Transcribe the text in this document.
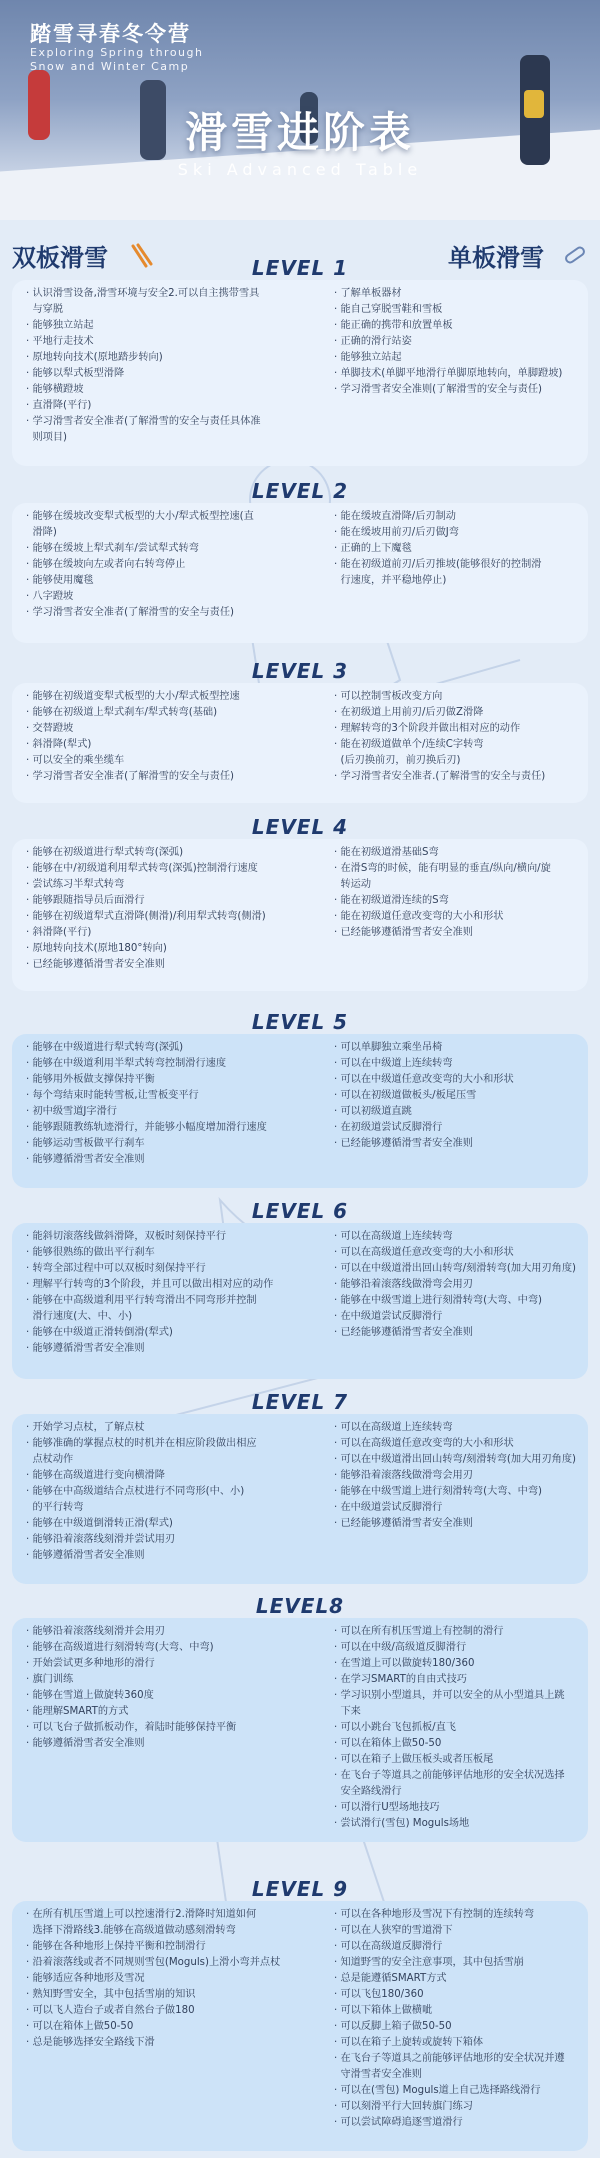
踏雪寻春冬令营
Exploring Spring through
Snow and Winter Camp
滑雪进阶表
Ski Advanced Table
双板滑雪	单板滑雪
LEVEL 1

· 认识滑雪设备,滑雪环境与安全2.可以自主携带雪具
与穿脱

· 能够独立站起

· 平地行走技术

· 原地转向技术(原地踏步转向)

· 能够以犁式板型滑降

· 能够横蹬坡

· 直滑降(平行)

· 学习滑雪者安全准者(了解滑雪的安全与责任具体准
则项目)

· 了解单板器材

· 能自己穿脱雪鞋和雪板

· 能正确的携带和放置单板

· 正确的滑行站姿

· 能够独立站起

· 单脚技术(单脚平地滑行单脚原地转向，单脚蹬坡)

· 学习滑雪者安全准则(了解滑雪的安全与责任)

LEVEL 2

· 能够在缓坡改变犁式板型的大小/犁式板型控速(直
滑降)

· 能够在缓坡上犁式刹车/尝试犁式转弯

· 能够在缓坡向左或者向右转弯停止

· 能够使用魔毯

· 八字蹬坡

· 学习滑雪者安全准者(了解滑雪的安全与责任)

· 能在缓坡直滑降/后刃制动

· 能在缓坡用前刃/后刃做J弯

· 正确的上下魔毯

· 能在初级道前刃/后刃推坡(能够很好的控制滑
行速度，并平稳地停止)

LEVEL 3

· 能够在初级道变犁式板型的大小/犁式板型控速

· 能够在初级道上犁式刹车/犁式转弯(基础)

· 交替蹬坡

· 斜滑降(犁式)

· 可以安全的乘坐缆车

· 学习滑雪者安全准者(了解滑雪的安全与责任)

· 可以控制雪板改变方向

· 在初级道上用前刃/后刃做Z滑降

· 理解转弯的3个阶段并做出相对应的动作

· 能在初级道做单个/连续C字转弯
(后刃换前刃，前刃换后刃)

· 学习滑雪者安全准者.(了解滑雪的安全与责任)

LEVEL 4

· 能够在初级道进行犁式转弯(深弧)

· 能够在中/初级道利用犁式转弯(深弧)控制滑行速度

· 尝试练习半犁式转弯

· 能够跟随指导员后面滑行

· 能够在初级道犁式直滑降(侧滑)/利用犁式转弯(侧滑)

· 斜滑降(平行)

· 原地转向技术(原地180°转向)

· 已经能够遵循滑雪者安全准则

· 能在初级道滑基础S弯

· 在滑S弯的时候，能有明显的垂直/纵向/横向/旋
转运动

· 能在初级道滑连续的S弯

· 能在初级道任意改变弯的大小和形状

· 已经能够遵循滑雪者安全准则

LEVEL 5

· 能够在中级道进行犁式转弯(深弧)

· 能够在中级道利用半犁式转弯控制滑行速度

· 能够用外板做支撑保持平衡

· 每个弯结束时能转雪板,让雪板变平行

· 初中级雪道J字滑行

· 能够跟随教练轨迹滑行，并能够小幅度增加滑行速度

· 能够运动雪板做平行刹车

· 能够遵循滑雪者安全准则

· 可以单脚独立乘坐吊椅

· 可以在中级道上连续转弯

· 可以在中级道任意改变弯的大小和形状

· 可以在初级道做板头/板尾压雪

· 可以初级道直跳

· 在初级道尝试反脚滑行

· 已经能够遵循滑雪者安全准则

LEVEL 6

· 能斜切滚落线做斜滑降，双板时刻保持平行

· 能够很熟练的做出平行刹车

· 转弯全部过程中可以双板时刻保持平行

· 理解平行转弯的3个阶段，并且可以做出相对应的动作

· 能够在中高级道利用平行转弯滑出不同弯形并控制
滑行速度(大、中、小)

· 能够在中级道正滑转倒滑(犁式)

· 能够遵循滑雪者安全准则

· 可以在高级道上连续转弯

· 可以在高级道任意改变弯的大小和形状

· 可以在中级道滑出回山转弯/刻滑转弯(加大用刃角度)

· 能够沿着滚落线做滑弯会用刃

· 能够在中级雪道上进行刻滑转弯(大弯、中弯)

· 在中级道尝试反脚滑行

· 已经能够遵循滑雪者安全准则

LEVEL 7

· 开始学习点杖，了解点杖

· 能够准确的掌握点杖的时机并在相应阶段做出相应
点杖动作

· 能够在高级道进行变向横滑降

· 能够在中高级道结合点杖进行不同弯形(中、小)
的平行转弯

· 能够在中级道倒滑转正滑(犁式)

· 能够沿着滚落线刻滑并尝试用刃

· 能够遵循滑雪者安全准则

· 可以在高级道上连续转弯

· 可以在高级道任意改变弯的大小和形状

· 可以在中级道滑出回山转弯/刻滑转弯(加大用刃角度)

· 能够沿着滚落线做滑弯会用刃

· 能够在中级雪道上进行刻滑转弯(大弯、中弯)

· 在中级道尝试反脚滑行

· 已经能够遵循滑雪者安全准则

LEVEL8

· 能够沿着滚落线刻滑并会用刃

· 能够在高级道进行刻滑转弯(大弯、中弯)

· 开始尝试更多种地形的滑行

· 旗门训练

· 能够在雪道上做旋转360度

· 能理解SMART的方式

· 可以飞台子做抓板动作，着陆时能够保持平衡

· 能够遵循滑雪者安全准则

· 可以在所有机压雪道上有控制的滑行

· 可以在中级/高级道反脚滑行

· 在雪道上可以做旋转180/360

· 在学习SMART的自由式技巧

· 学习识别小型道具，并可以安全的从小型道具上跳
下来

· 可以小跳台飞包抓板/直飞

· 可以在箱体上做50-50

· 可以在箱子上做压板头或者压板尾

· 在飞台子等道具之前能够评估地形的安全状况选择
安全路线滑行

· 可以滑行U型场地技巧

· 尝试滑行(雪包) Moguls场地

LEVEL 9

· 在所有机压雪道上可以控速滑行2.滑降时知道如何
选择下滑路线3.能够在高级道做动感刻滑转弯

· 能够在各种地形上保持平衡和控制滑行

· 沿着滚落线或者不同规则雪包(Moguls)上滑小弯并点杖

· 能够适应各种地形及雪况

· 熟知野雪安全，其中包括雪崩的知识

· 可以飞人造台子或者自然台子做180

· 可以在箱体上做50-50

· 总是能够选择安全路线下滑

· 可以在各种地形及雪况下有控制的连续转弯

· 可以在人狭窄的雪道滑下

· 可以在高级道反脚滑行

· 知道野雪的安全注意事项，其中包括雪崩

· 总是能遵循SMART方式

· 可以飞包180/360

· 可以下箱体上做横呲

· 可以反脚上箱子做50-50

· 可以在箱子上旋转或旋转下箱体

· 在飞台子等道具之前能够评估地形的安全状况并遵
守滑雪者安全准则

· 可以在(雪包) Moguls道上自己选择路线滑行

· 可以刻滑平行大回转旗门练习

· 可以尝试障碍追逐雪道滑行
